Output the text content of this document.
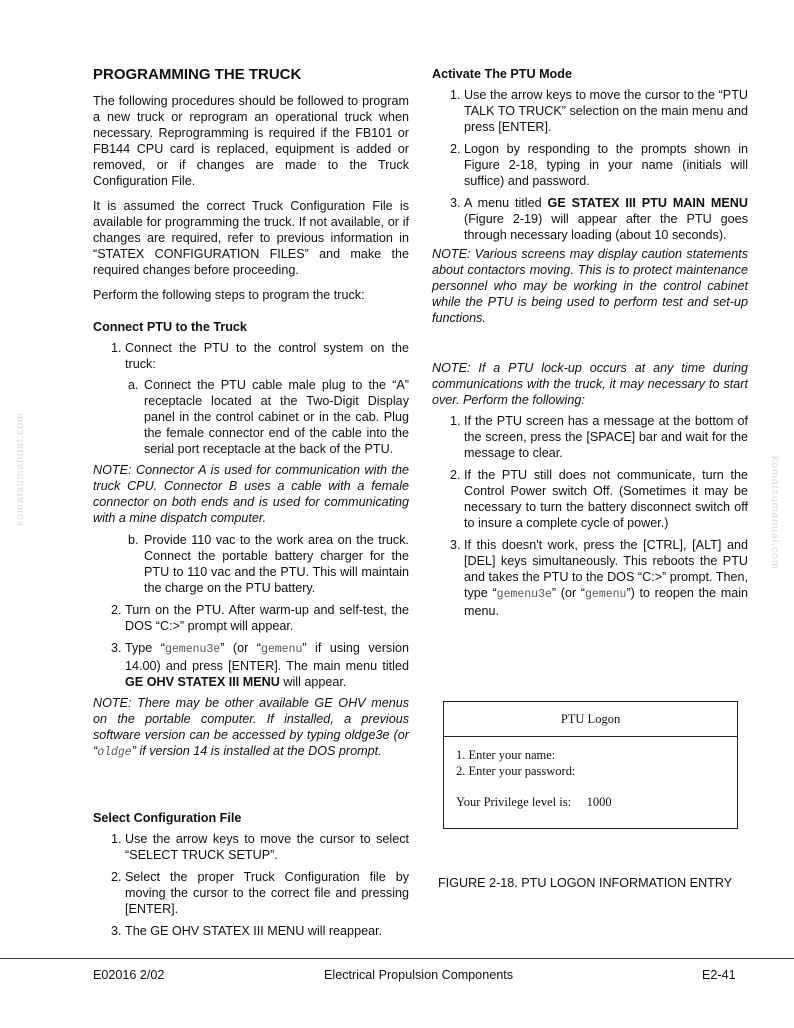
PROGRAMMING THE TRUCK

The following procedures should be followed to program a new truck or reprogram an operational truck when necessary. Reprogramming is required if the FB101 or FB144 CPU card is replaced, equipment is added or removed, or if changes are made to the Truck Configuration File.

It is assumed the correct Truck Configuration File is available for programming the truck. If not available, or if changes are required, refer to previous information in “STATEX CONFIGURATION FILES” and make the required changes before proceeding.

Perform the following steps to program the truck:

Connect PTU to the Truck

1. Connect the PTU to the control system on the truck:
a. Connect the PTU cable male plug to the “A” receptacle located at the Two-Digit Display panel in the control cabinet or in the cab. Plug the female connector end of the cable into the serial port receptacle at the back of the PTU.

NOTE: Connector A is used for communication with the truck CPU. Connector B uses a cable with a female connector on both ends and is used for communicating with a mine dispatch computer.

b. Provide 110 vac to the work area on the truck. Connect the portable battery charger for the PTU to 110 vac and the PTU. This will maintain the charge on the PTU battery.
2. Turn on the PTU. After warm-up and self-test, the DOS “C:>” prompt will appear.
3. Type “gemenu3e” (or “gemenu” if using version 14.00) and press [ENTER]. The main menu titled GE OHV STATEX III MENU will appear.

NOTE: There may be other available GE OHV menus on the portable computer. If installed, a previous software version can be accessed by typing oldge3e (or “oldge” if version 14 is installed at the DOS prompt.

Select Configuration File

1. Use the arrow keys to move the cursor to select “SELECT TRUCK SETUP”.
2. Select the proper Truck Configuration file by moving the cursor to the correct file and pressing [ENTER].
3. The GE OHV STATEX III MENU will reappear.

Activate The PTU Mode

1. Use the arrow keys to move the cursor to the “PTU TALK TO TRUCK” selection on the main menu and press [ENTER].
2. Logon by responding to the prompts shown in Figure 2-18, typing in your name (initials will suffice) and password.
3. A menu titled GE STATEX III PTU MAIN MENU (Figure 2-19) will appear after the PTU goes through necessary loading (about 10 seconds).

NOTE: Various screens may display caution statements about contactors moving. This is to protect maintenance personnel who may be working in the control cabinet while the PTU is being used to perform test and set-up functions.

NOTE: If a PTU lock-up occurs at any time during communications with the truck, it may necessary to start over. Perform the following:

1. If the PTU screen has a message at the bottom of the screen, press the [SPACE] bar and wait for the message to clear.
2. If the PTU still does not communicate, turn the Control Power switch Off. (Sometimes it may be necessary to turn the battery disconnect switch off to insure a complete cycle of power.)
3. If this doesn't work, press the [CTRL], [ALT] and [DEL] keys simultaneously. This reboots the PTU and takes the PTU to the DOS “C:>” prompt. Then, type “gemenu3e” (or “gemenu”) to reopen the main menu.
PTU Logon
1. Enter your name:
2. Enter your password:
Your Privilege level is:     1000
FIGURE 2-18. PTU LOGON INFORMATION ENTRY
komatsumanual.com	komatsumanual.com
E02016 2/02	Electrical Propulsion Components	E2-41
